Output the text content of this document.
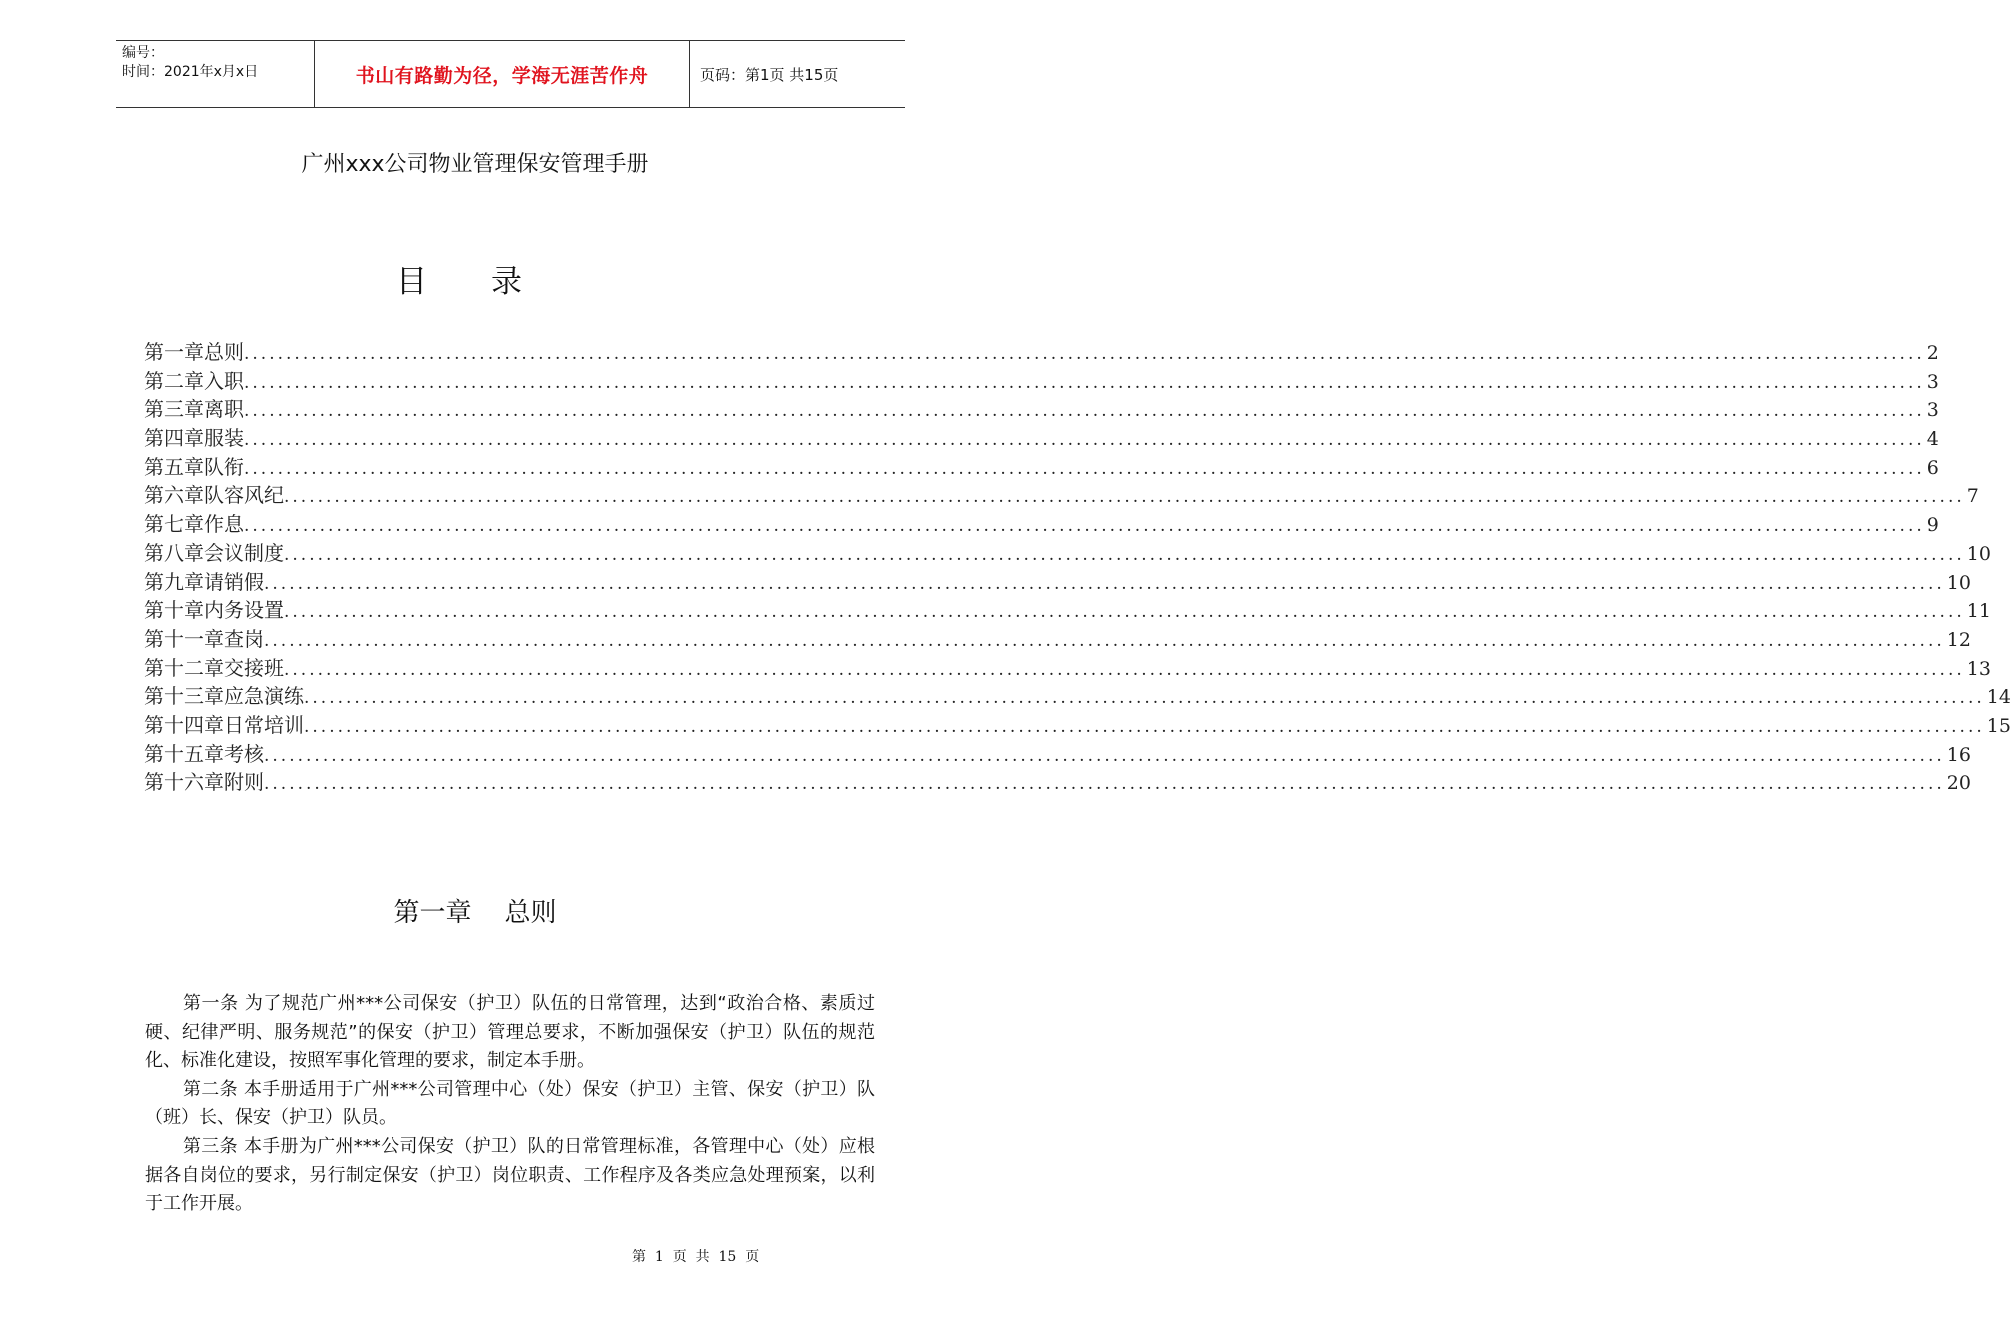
编号：
时间：2021年x月x日	书山有路勤为径，学海无涯苦作舟	页码：第1页 共15页
广州xxx公司物业管理保安管理手册
目录
第一章 总则 ........................................................................................................................................................................................................ 2
第二章 入职 ........................................................................................................................................................................................................ 3
第三章 离职 ........................................................................................................................................................................................................ 3
第四章 服装 ........................................................................................................................................................................................................ 4
第五章 队衔 ........................................................................................................................................................................................................ 6
第六章 队容风纪 ........................................................................................................................................................................................................ 7
第七章 作息 ........................................................................................................................................................................................................ 9
第八章 会议制度 ........................................................................................................................................................................................................ 10
第九章 请销假 ........................................................................................................................................................................................................ 10
第十章 内务设置 ........................................................................................................................................................................................................ 11
第十一章 查岗 ........................................................................................................................................................................................................ 12
第十二章 交接班 ........................................................................................................................................................................................................ 13
第十三章 应急演练 ........................................................................................................................................................................................................ 14
第十四章 日常培训 ........................................................................................................................................................................................................ 15
第十五章 考核 ........................................................................................................................................................................................................ 16
第十六章 附则 ........................................................................................................................................................................................................ 20
第一章    总则

第一条 为了规范广州***公司保安（护卫）队伍的日常管理，达到“政治合格、素质过硬、纪律严明、服务规范”的保安（护卫）管理总要求，不断加强保安（护卫）队伍的规范化、标准化建设，按照军事化管理的要求，制定本手册。

第二条 本手册适用于广州***公司管理中心（处）保安（护卫）主管、保安（护卫）队（班）长、保安（护卫）队员。

第三条 本手册为广州***公司保安（护卫）队的日常管理标准，各管理中心（处）应根据各自岗位的要求，另行制定保安（护卫）岗位职责、工作程序及各类应急处理预案，以利于工作开展。

第  1  页  共  15  页
